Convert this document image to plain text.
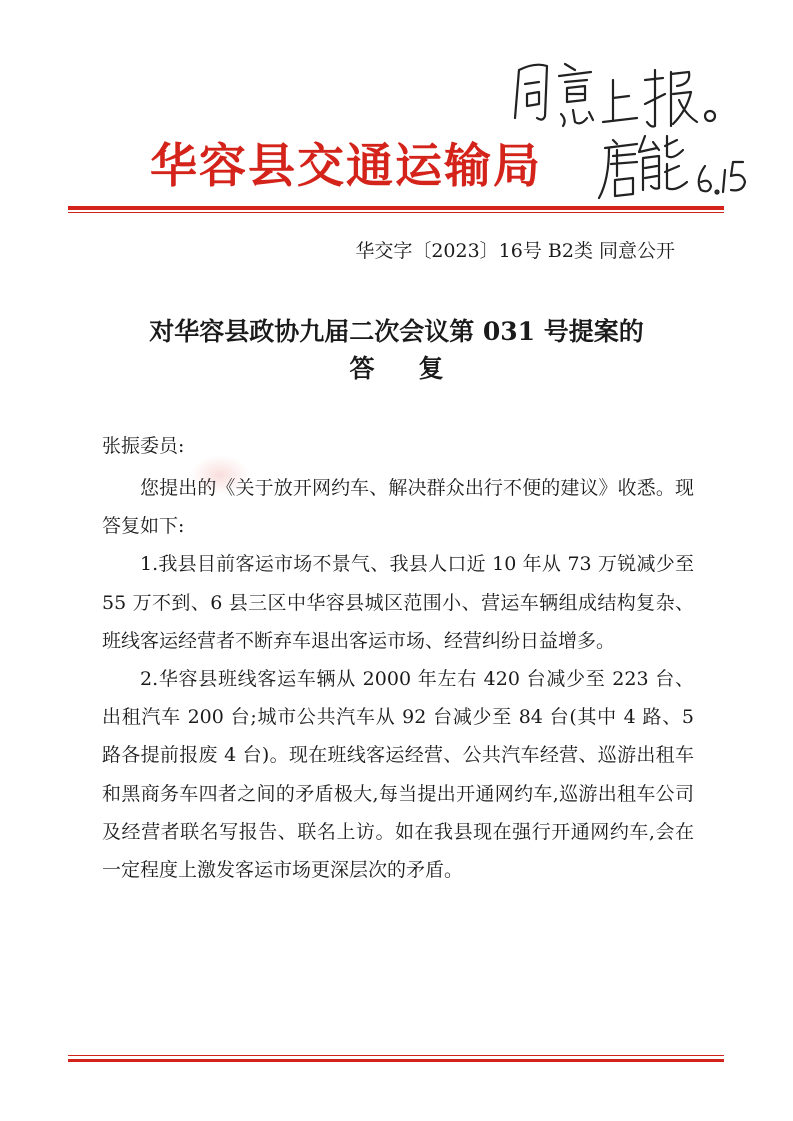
华容县交通运输局
华交字〔2023〕16号 B2类 同意公开
对华容县政协九届二次会议第 031 号提案的
答复
张振委员:

您提出的《关于放开网约车、解决群众出行不便的建议》收悉。现答复如下:

1.我县目前客运市场不景气、我县人口近 10 年从 73 万锐减少至 55 万不到、6 县三区中华容县城区范围小、营运车辆组成结构复杂、班线客运经营者不断弃车退出客运市场、经营纠纷日益增多。

2.华容县班线客运车辆从 2000 年左右 420 台减少至 223 台、出租汽车 200 台;城市公共汽车从 92 台减少至 84 台(其中 4 路、5 路各提前报废 4 台)。现在班线客运经营、公共汽车经营、巡游出租车和黑商务车四者之间的矛盾极大,每当提出开通网约车,巡游出租车公司及经营者联名写报告、联名上访。如在我县现在强行开通网约车,会在一定程度上激发客运市场更深层次的矛盾。
